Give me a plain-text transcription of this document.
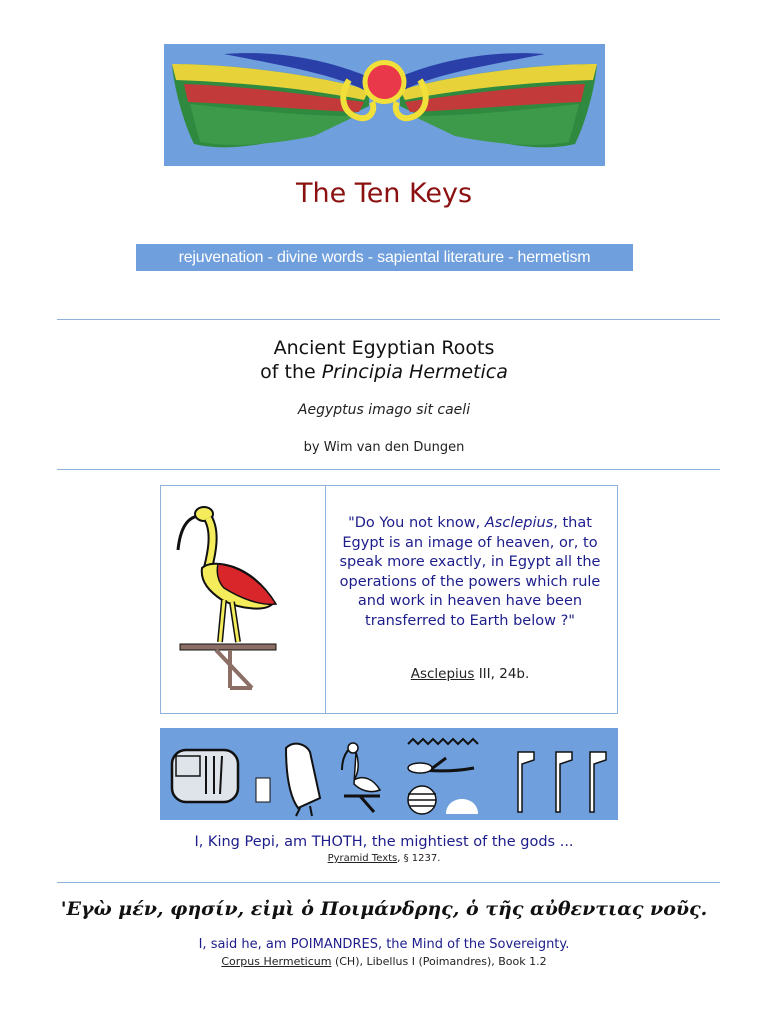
The Ten Keys
rejuvenation - divine words - sapiental literature - hermetism
Ancient Egyptian Roots
of the Principia Hermetica
Aegyptus imago sit caeli
by Wim van den Dungen
"Do You not know, Asclepius, that Egypt is an image of heaven, or, to speak more exactly, in Egypt all the operations of the powers which rule and work in heaven have been transferred to Earth below ?"
Asclepius III, 24b.
I, King Pepi, am THOTH, the mightiest of the gods ...
Pyramid Texts, § 1237.
'Εγὼ μέν, φησίν, εἰμὶ ὁ Ποιμάνδρης, ὁ τῆς αὐθεντιας νοῦς.
I, said he, am POIMANDRES, the Mind of the Sovereignty.
Corpus Hermeticum (CH), Libellus I (Poimandres), Book 1.2
